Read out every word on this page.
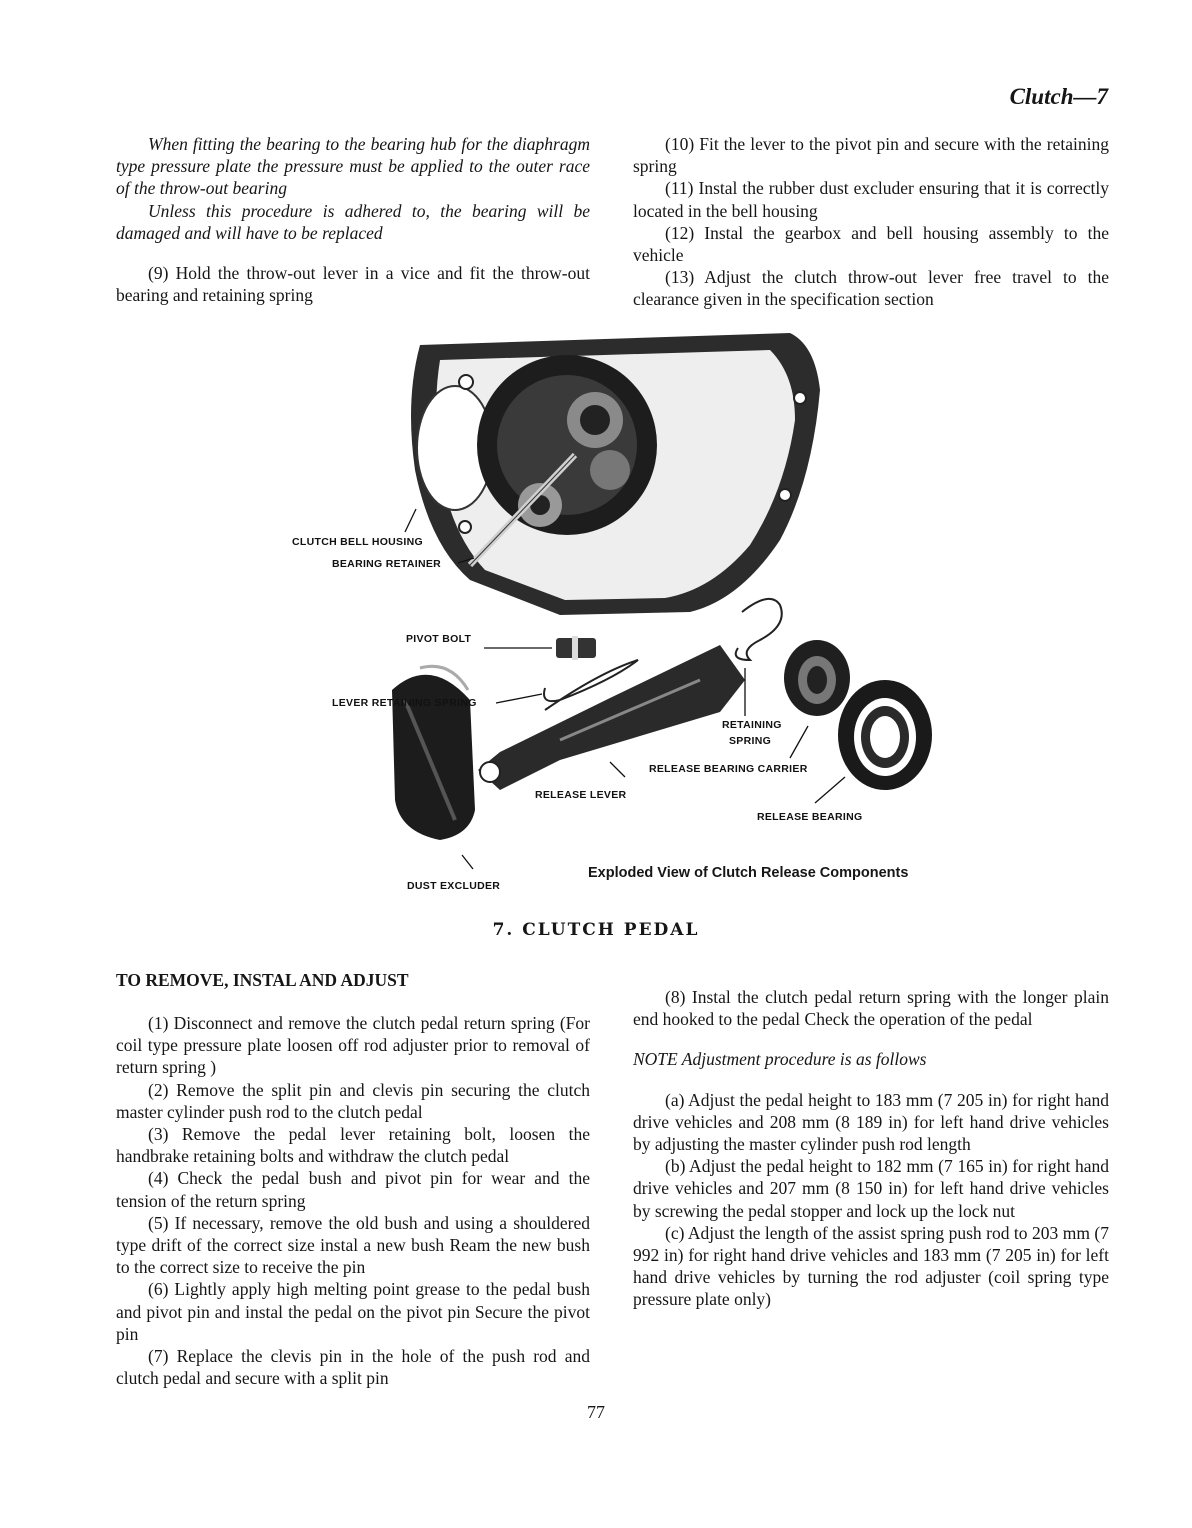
Clutch—7

When fitting the bearing to the bearing hub for the diaphragm type pressure plate the pressure must be applied to the outer race of the throw-out bearing

Unless this procedure is adhered to, the bearing will be damaged and will have to be replaced

(9) Hold the throw-out lever in a vice and fit the throw-out bearing and retaining spring

(10) Fit the lever to the pivot pin and secure with the retaining spring

(11) Instal the rubber dust excluder ensuring that it is correctly located in the bell housing

(12) Instal the gearbox and bell housing assembly to the vehicle

(13) Adjust the clutch throw-out lever free travel to the clearance given in the specification section

CLUTCH BELL HOUSING
BEARING RETAINER
PIVOT BOLT
LEVER RETAINING SPRING
RETAINING
SPRING
RELEASE BEARING CARRIER
RELEASE LEVER
RELEASE BEARING
DUST EXCLUDER
Exploded View of Clutch Release Components
7. CLUTCH PEDAL
TO REMOVE, INSTAL AND ADJUST

(1) Disconnect and remove the clutch pedal return spring (For coil type pressure plate loosen off rod adjuster prior to removal of return spring )

(2) Remove the split pin and clevis pin securing the clutch master cylinder push rod to the clutch pedal

(3) Remove the pedal lever retaining bolt, loosen the handbrake retaining bolts and withdraw the clutch pedal

(4) Check the pedal bush and pivot pin for wear and the tension of the return spring

(5) If necessary, remove the old bush and using a shouldered type drift of the correct size instal a new bush Ream the new bush to the correct size to receive the pin

(6) Lightly apply high melting point grease to the pedal bush and pivot pin and instal the pedal on the pivot pin Secure the pivot pin

(7) Replace the clevis pin in the hole of the push rod and clutch pedal and secure with a split pin

(8) Instal the clutch pedal return spring with the longer plain end hooked to the pedal Check the operation of the pedal

NOTE Adjustment procedure is as follows

(a) Adjust the pedal height to 183 mm (7 205 in) for right hand drive vehicles and 208 mm (8 189 in) for left hand drive vehicles by adjusting the master cylinder push rod length

(b) Adjust the pedal height to 182 mm (7 165 in) for right hand drive vehicles and 207 mm (8 150 in) for left hand drive vehicles by screwing the pedal stopper and lock up the lock nut

(c) Adjust the length of the assist spring push rod to 203 mm (7 992 in) for right hand drive vehicles and 183 mm (7 205 in) for left hand drive vehicles by turning the rod adjuster (coil spring type pressure plate only)

77
